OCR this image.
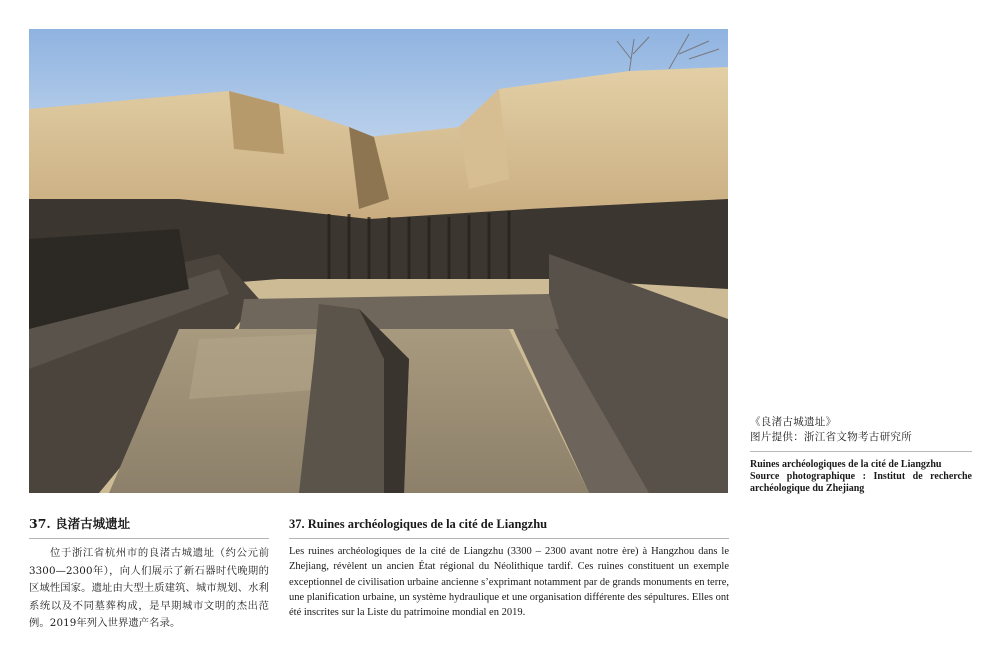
《良渚古城遗址》
图片提供：浙江省文物考古研究所
Ruines archéologiques de la cité de Liangzhu
Source photographique : Institut de recherche archéologique du Zhejiang
37. 良渚古城遗址
位于浙江省杭州市的良渚古城遗址（约公元前3300—2300年），向人们展示了新石器时代晚期的区域性国家。遗址由大型土质建筑、城市规划、水利系统以及不同墓葬构成，是早期城市文明的杰出范例。2019年列入世界遗产名录。
37. Ruines archéologiques de la cité de Liangzhu
Les ruines archéologiques de la cité de Liangzhu (3300 – 2300 avant notre ère) à Hangzhou dans le Zhejiang, révèlent un ancien État régional du Néolithique tardif. Ces ruines constituent un exemple exceptionnel de civilisation urbaine ancienne s’exprimant notamment par de grands monuments en terre, une planification urbaine, un système hydraulique et une organisation différente des sépultures. Elles ont été inscrites sur la Liste du patrimoine mondial en 2019.
